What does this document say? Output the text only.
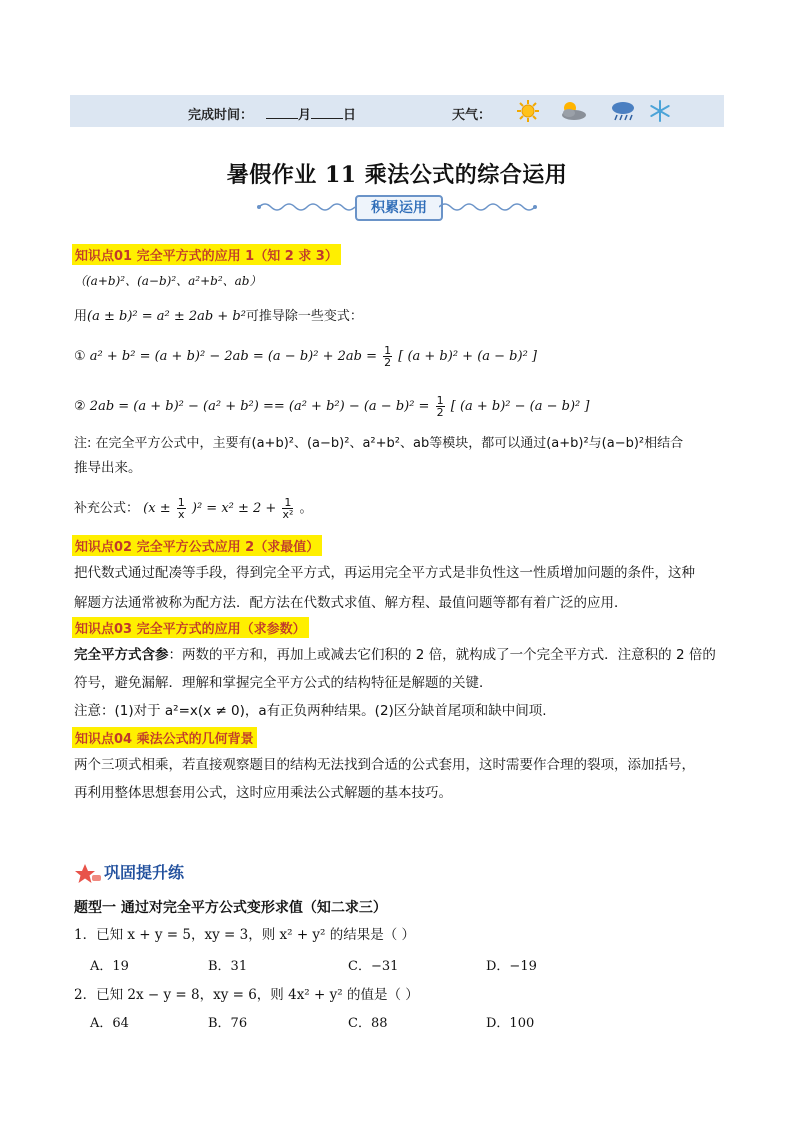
完成时间：	月 日	天气：
暑假作业 11 乘法公式的综合运用
积累运用
知识点01 完全平方式的应用 1（知 2 求 3）
（(a+b)²、(a−b)²、a²+b²、ab）
用(a ± b)² = a² ± 2ab + b²可推导除一些变式：
① $a^2 + b^2 = (a + b)^2 - 2ab = (a - b)^2 + 2ab = \frac{1}{2}$ [ (a + b)² + (a − b)² ]
② $2ab = (a + b)^2 - (a^2 + b^2) == (a^2 + b^2) - (a - b)^2 = \frac{1}{2}$ [ (a + b)² − (a − b)² ]
注: 在完全平方公式中，主要有(a+b)²、(a−b)²、a²+b²、ab等模块，都可以通过(a+b)²与(a−b)²相结合
推导出来。
补充公式： $(x \pm \frac{1}{x} )^2 = x^2 \pm 2 + \frac{1}{\text{x²}}$ 。
知识点02 完全平方公式应用 2（求最值）
把代数式通过配凑等手段，得到完全平方式，再运用完全平方式是非负性这一性质增加问题的条件，这种
解题方法通常被称为配方法．配方法在代数式求值、解方程、最值问题等都有着广泛的应用．
知识点03 完全平方式的应用（求参数）
完全平方式含参：两数的平方和，再加上或减去它们积的 2 倍，就构成了一个完全平方式．注意积的 2 倍的
符号，避免漏解．理解和掌握完全平方公式的结构特征是解题的关键．
注意：(1)对于 a²=x(x ≠ 0)，a有正负两种结果。(2)区分缺首尾项和缺中间项.
知识点04 乘法公式的几何背景
两个三项式相乘，若直接观察题目的结构无法找到合适的公式套用，这时需要作合理的裂项，添加括号，
再利用整体思想套用公式，这时应用乘法公式解题的基本技巧。
巩固提升练
题型一 通过对完全平方公式变形求值（知二求三）
1．已知 x + y = 5，xy = 3，则 x² + y² 的结果是（ ）
A．19	B．31	C．−31	D．−19
2．已知 2x − y = 8，xy = 6，则 4x² + y² 的值是（ ）
A．64	B．76	C．88	D．100
